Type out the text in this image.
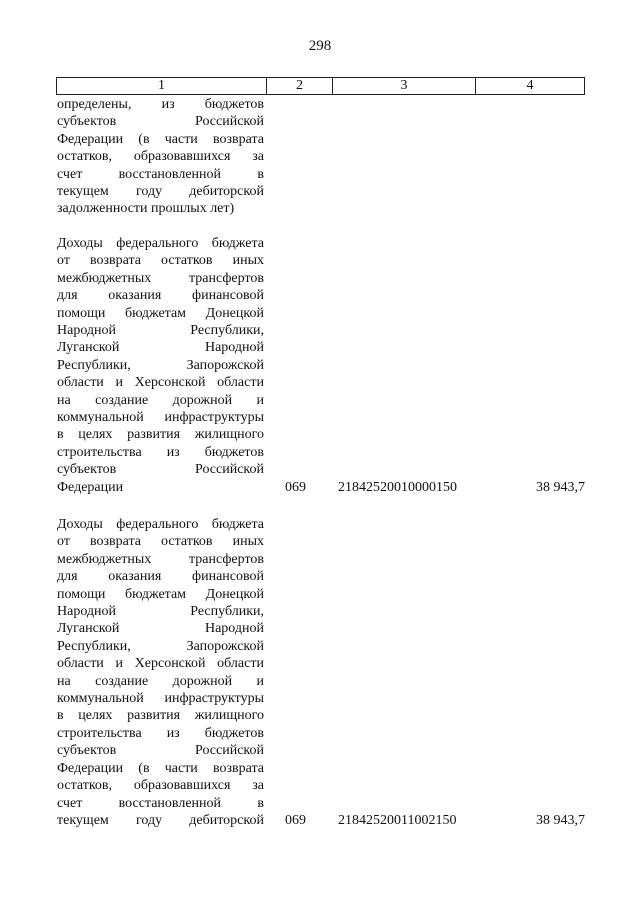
298
1	2	3	4
определены, из бюджетов
субъектов	Российской
Федерации (в части возврата
остатков, образовавшихся за
счет	восстановленной	в
текущем году дебиторской
задолженности прошлых лет)
Доходы федерального бюджета
от возврата остатков иных
межбюджетных	трансфертов
для оказания финансовой
помощи бюджетам Донецкой
Народной	Республики,
Луганской	Народной
Республики,	Запорожской
области и Херсонской области
на создание дорожной и
коммунальной инфраструктуры
в целях развития жилищного
строительства из бюджетов
субъектов	Российской
Федерации	069	21842520010000150	38 943,7
Доходы федерального бюджета
от возврата остатков иных
межбюджетных	трансфертов
для оказания финансовой
помощи бюджетам Донецкой
Народной	Республики,
Луганской	Народной
Республики,	Запорожской
области и Херсонской области
на создание дорожной и
коммунальной инфраструктуры
в целях развития жилищного
строительства из бюджетов
субъектов	Российской
Федерации (в части возврата
остатков, образовавшихся за
счет	восстановленной	в
текущем году дебиторской 069	21842520011002150	38 943,7
